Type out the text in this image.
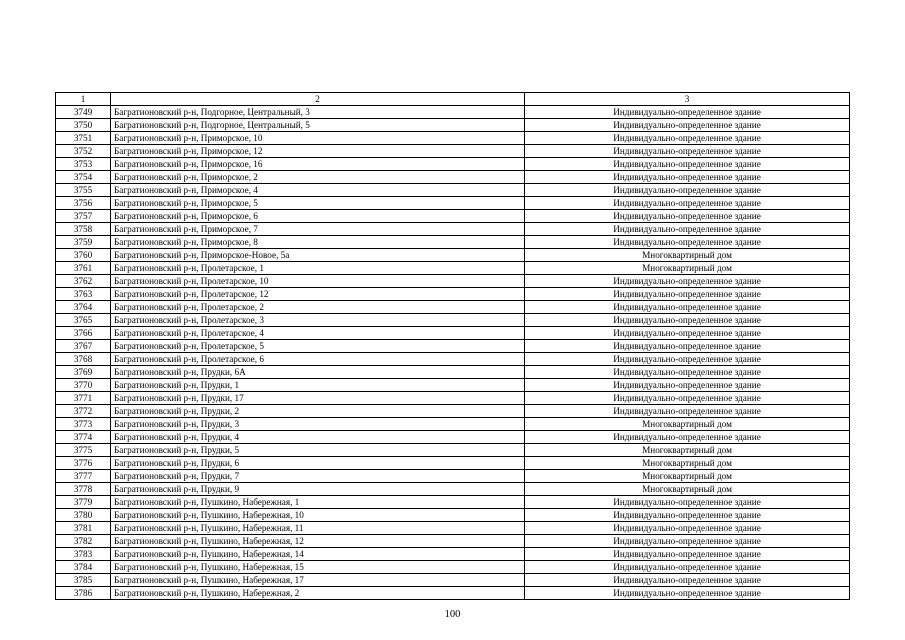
1	2	3
3749	Багратионовский р-н, Подгорное, Центральный, 3	Индивидуально-определенное здание
3750	Багратионовский р-н, Подгорное, Центральный, 5	Индивидуально-определенное здание
3751	Багратионовский р-н, Приморское, 10	Индивидуально-определенное здание
3752	Багратионовский р-н, Приморское, 12	Индивидуально-определенное здание
3753	Багратионовский р-н, Приморское, 16	Индивидуально-определенное здание
3754	Багратионовский р-н, Приморское, 2	Индивидуально-определенное здание
3755	Багратионовский р-н, Приморское, 4	Индивидуально-определенное здание
3756	Багратионовский р-н, Приморское, 5	Индивидуально-определенное здание
3757	Багратионовский р-н, Приморское, 6	Индивидуально-определенное здание
3758	Багратионовский р-н, Приморское, 7	Индивидуально-определенное здание
3759	Багратионовский р-н, Приморское, 8	Индивидуально-определенное здание
3760	Багратионовский р-н, Приморское-Новое, 5а	Многоквартирный дом
3761	Багратионовский р-н, Пролетарское, 1	Многоквартирный дом
3762	Багратионовский р-н, Пролетарское, 10	Индивидуально-определенное здание
3763	Багратионовский р-н, Пролетарское, 12	Индивидуально-определенное здание
3764	Багратионовский р-н, Пролетарское, 2	Индивидуально-определенное здание
3765	Багратионовский р-н, Пролетарское, 3	Индивидуально-определенное здание
3766	Багратионовский р-н, Пролетарское, 4	Индивидуально-определенное здание
3767	Багратионовский р-н, Пролетарское, 5	Индивидуально-определенное здание
3768	Багратионовский р-н, Пролетарское, 6	Индивидуально-определенное здание
3769	Багратионовский р-н, Прудки, 6А	Индивидуально-определенное здание
3770	Багратионовский р-н, Прудки, 1	Индивидуально-определенное здание
3771	Багратионовский р-н, Прудки, 17	Индивидуально-определенное здание
3772	Багратионовский р-н, Прудки, 2	Индивидуально-определенное здание
3773	Багратионовский р-н, Прудки, 3	Многоквартирный дом
3774	Багратионовский р-н, Прудки, 4	Индивидуально-определенное здание
3775	Багратионовский р-н, Прудки, 5	Многоквартирный дом
3776	Багратионовский р-н, Прудки, 6	Многоквартирный дом
3777	Багратионовский р-н, Прудки, 7	Многоквартирный дом
3778	Багратионовский р-н, Прудки, 9	Многоквартирный дом
3779	Багратионовский р-н, Пушкино, Набережная, 1	Индивидуально-определенное здание
3780	Багратионовский р-н, Пушкино, Набережная, 10	Индивидуально-определенное здание
3781	Багратионовский р-н, Пушкино, Набережная, 11	Индивидуально-определенное здание
3782	Багратионовский р-н, Пушкино, Набережная, 12	Индивидуально-определенное здание
3783	Багратионовский р-н, Пушкино, Набережная, 14	Индивидуально-определенное здание
3784	Багратионовский р-н, Пушкино, Набережная, 15	Индивидуально-определенное здание
3785	Багратионовский р-н, Пушкино, Набережная, 17	Индивидуально-определенное здание
3786	Багратионовский р-н, Пушкино, Набережная, 2	Индивидуально-определенное здание
100
